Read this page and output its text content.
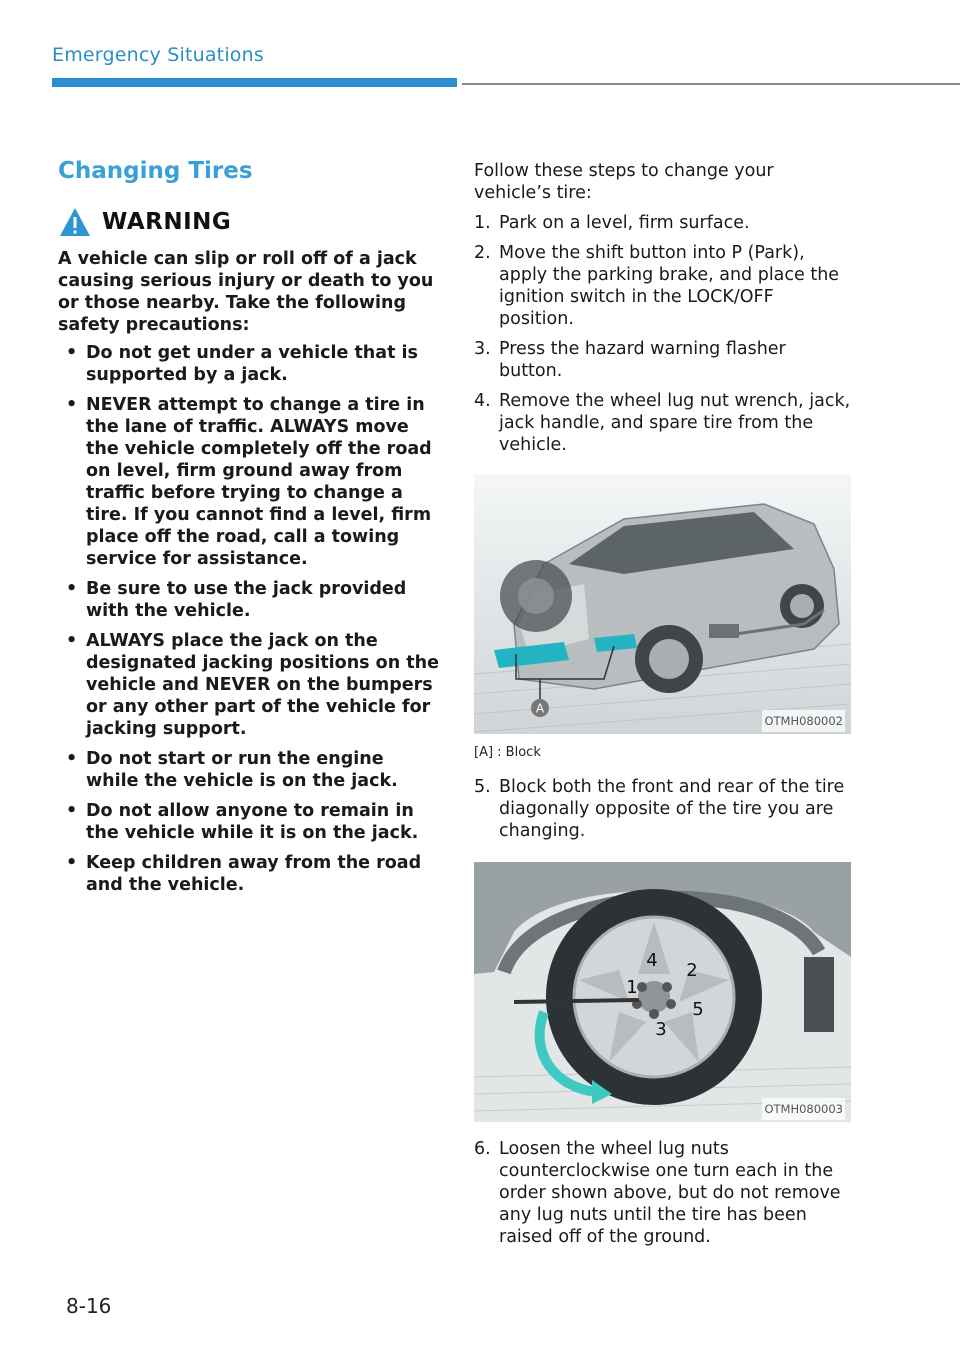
Emergency Situations
Changing Tires
WARNING

A vehicle can slip or roll off of a jack causing serious injury or death to you or those nearby. Take the following safety precautions:

• Do not get under a vehicle that is supported by a jack.
• NEVER attempt to change a tire in the lane of traffic. ALWAYS move the vehicle completely off the road on level, firm ground away from traffic before trying to change a tire. If you cannot find a level, firm place off the road, call a towing service for assistance.
• Be sure to use the jack provided with the vehicle.
• ALWAYS place the jack on the designated jacking positions on the vehicle and NEVER on the bumpers or any other part of the vehicle for jacking support.
• Do not start or run the engine while the vehicle is on the jack.
• Do not allow anyone to remain in the vehicle while it is on the jack.
• Keep children away from the road and the vehicle.

Follow these steps to change your vehicle’s tire:

1. Park on a level, firm surface.
2. Move the shift button into P (Park), apply the parking brake, and place the ignition switch in the LOCK/OFF position.
3. Press the hazard warning flasher button.
4. Remove the wheel lug nut wrench, jack, jack handle, and spare tire from the vehicle.
A
OTMH080002
[A] : Block
5. Block both the front and rear of the tire diagonally opposite of the tire you are changing.
1
2
3
4
5
OTMH080003
6. Loosen the wheel lug nuts counterclockwise one turn each in the order shown above, but do not remove any lug nuts until the tire has been raised off of the ground.
8-16
